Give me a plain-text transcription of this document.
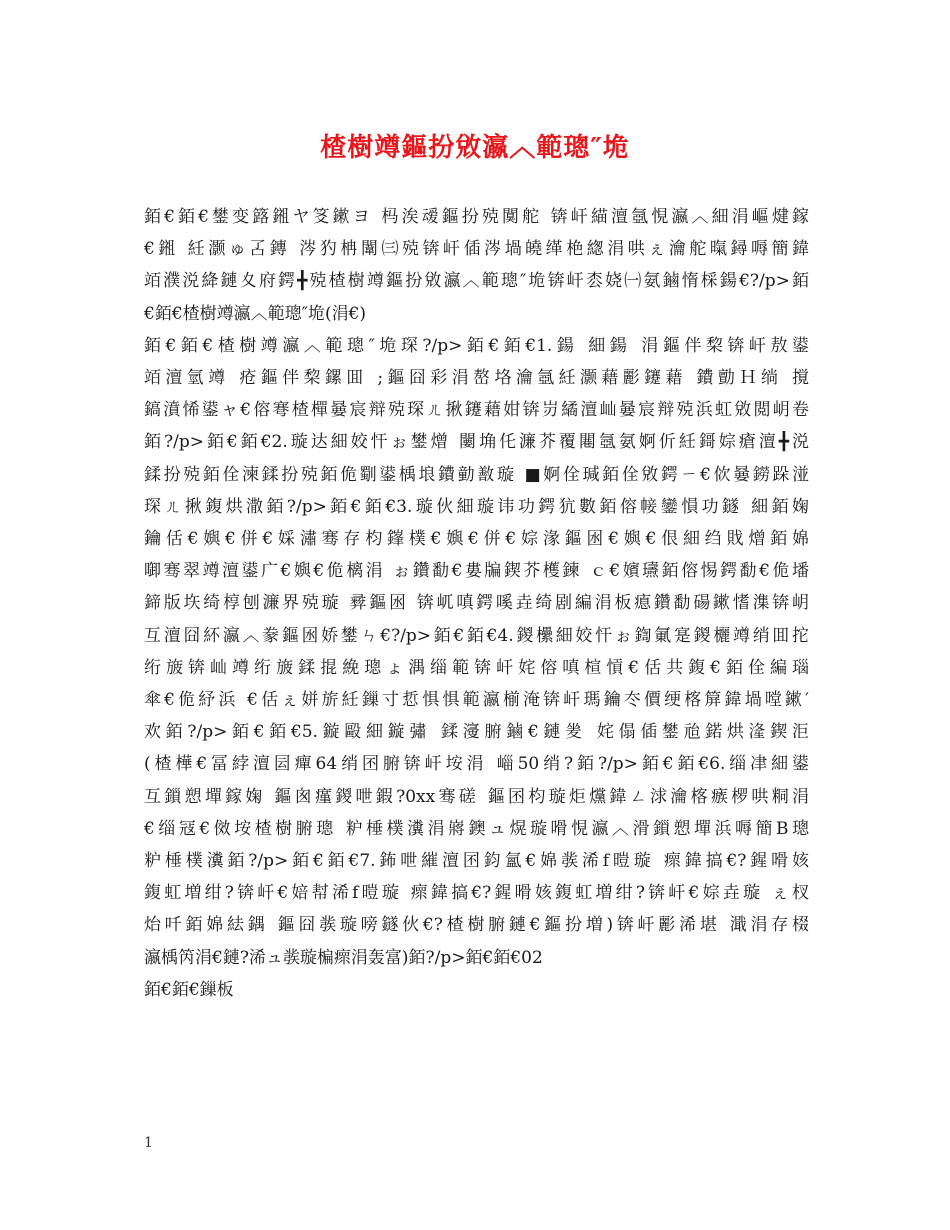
楂樹竴鏂扮敓瀛︿範璁″垝
銆€銆€鐢变簬鎺ヤ笅鏉ヨ 杩涘叆鏂扮殑闃舵 锛屽緢澶氬悓瀛︿細涓嶇煡鎵
€鎺 紝灏ゅ叾鏄 涔犳柟闈㈢殑锛屽偛涔堝皢缂栬緫涓哄ぇ瀹舵暣鐞嗕簡鍏
竡濮涚絳鏈夊府鍔╋殑楂樹竴鏂扮敓瀛︿範璁″垝锛屽枩娆㈠氨鏀惰棌鍚€?/p>銆
€銆€楂樹竴瀛︿範璁″垝(涓€)
銆€銆€楂樹竴瀛︿範璁″垝琛?/p>銆€銆€1.鍚 細鍚 涓鏂伴棃锛屽敖鍙
竡澶氫竴 疮鏂伴棃鏍囬 ;鏂囧彩涓嶅垎瀹氬紝灏藉彲鑳藉 鐨勯Ｈ绱 撹
鎬濆悕鍙ャ€傛弿楂樿嘦宸辩殑琛ㄦ揪鑳藉姏锛岃繘澶屾嘦宸辩殑浜虹敓閲岄卷
銆?/p>銆€銆€2.璇达細姣忓ぉ鐢熷 闄埆仛濂芥覆闀氬氨婀伒紝鎶婃瘡澶╋涚
鍒扮殑銆佺湅鍒扮殑銆佹劅鍙楀埌鐨勭敾璇 ■婀佺瑊銆佺敓鍔ㄧ€佽嘦鐒跺湴
琛ㄦ揪鍑烘潵銆?/p>銆€銆€3.璇伙細璇讳功鍔犺數銆傛帹鑾愪功鐩 細銆婅
鑰佸€嬩€併€婇潚骞存枃鎽樸€嬩€併€婃湪鏂囦€嬩€佷細绉戝熷銆婂
啣骞翠竴澶鍙广€嬩€佹樆涓 ぉ鑽勫€婁牑鍥芥檴鍊 ｃ€嬪瓙銆傛惕鍔勫€佹墦
鍗版垁绮椁刨濂界殑璇 彛鏂囦 锛屼嗔鍔嗘垚绮剧編涓板瘜鑽勫碭鏉愭潗锛岄
互澶囧紑瀛︿豢鏂囦娇鐢ㄣ€?/p>銆€銆€4.鍐欙細姣忓ぉ鍧氭寔鍐欐竴绡囬拕
绗旇锛屾竴绗旇鍒掍絻璁ょ湡缁範锛屽姹傛嗔楦愩€佸共鍑€銆佺編瑙
傘€佹紓浜 €佸ぇ姘旂紝鏁寸悊惧惧範瀛椾淹锛屽瑪鑰冭價绠楁箳鍏堝嘡鏉′
欢銆?/p>銆€銆€5.鏇毆細鏇彇 鍒濅腑鏀€鏈夎 姹傝偛鐢兘鍩烘湰鍥洰
(楂樺€冨綍澶囩癉64绡囨腑锛屽垵涓 崰50绡?銆?/p>銆€銆€6.缁冿細鍙
互鎻愬墠鎵婅 鏂囪瘽鍐呭鍜?0xx骞磋 鏂囨枃璇炬爣鍏ㄥ浗瀹楁瘯椤哄粡涓
€缁冦€傚垵楂樹腑璁 粐棰樸瀵涓嶈鐭ュ熀璇嗗悓瀛︿滑鎻愬墠浜嗕簡B璁
粐棰樸瀵銆?/p>銆€銆€7.鈽呭繀澶囨鈞氳€婂彂浠f暟璇 瘝鍏搞€?鍟嗗姟
鍑虹増绀?锛屽€婄幇浠f暟璇 瘝鍏搞€?鍟嗗姟鍑虹増绀?锛屽€婃垚璇 ぇ杈
炲吀銆婂紶鍝 鏂囧彂璇嗙鐩伙€?楂樹腑鏈€鏂扮増)锛屽彲浠堪 濈涓存棳
瀛楀笍涓€鏈?浠ュ彂璇楄瘝涓轰富)銆?/p>銆€銆€02
銆€銆€鏁板
1
